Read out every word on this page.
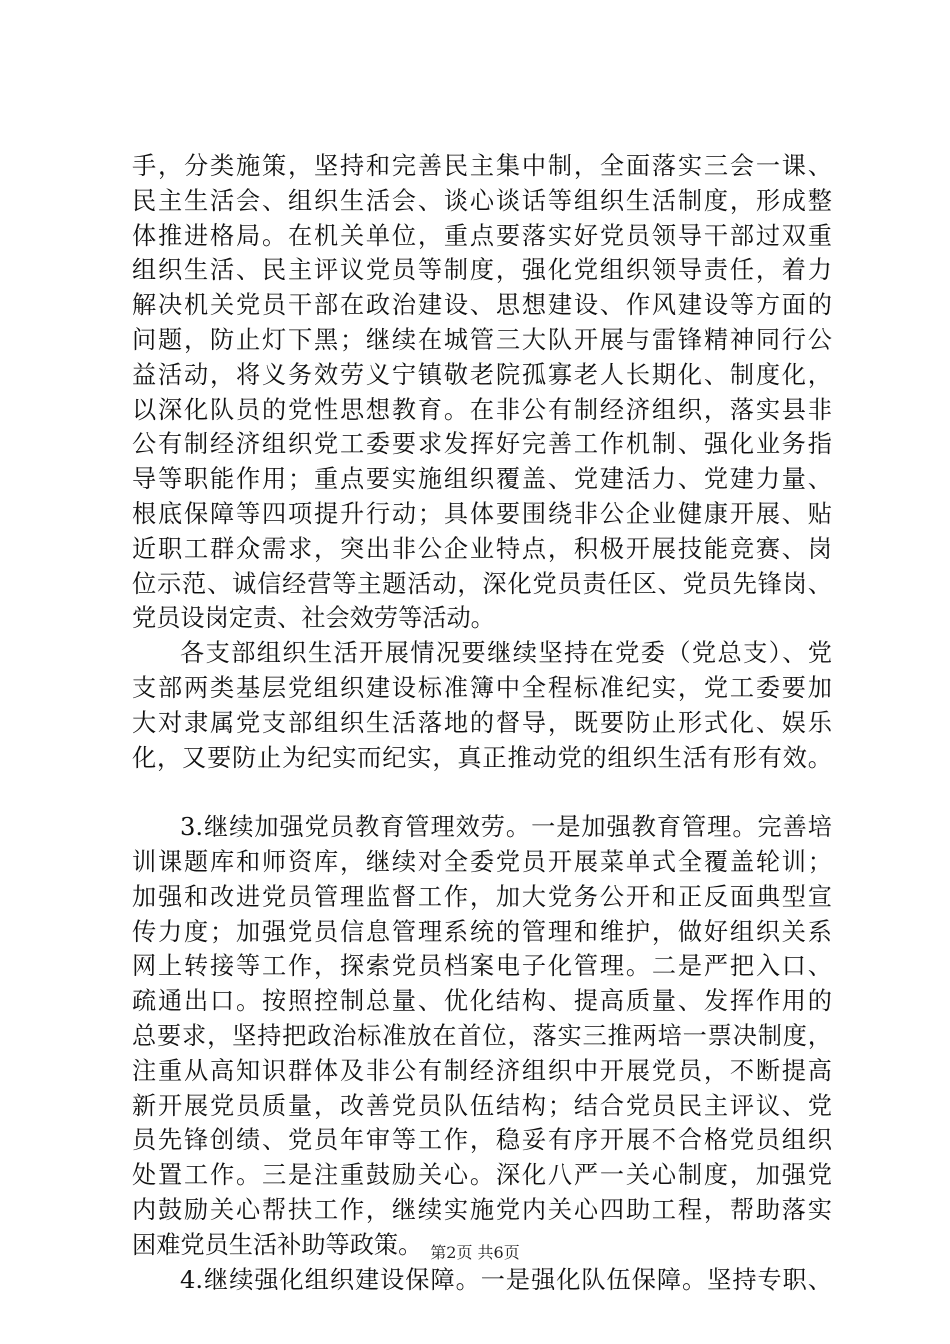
手，分类施策，坚持和完善民主集中制，全面落实三会一课、
民主生活会、组织生活会、谈心谈话等组织生活制度，形成整
体推进格局。在机关单位，重点要落实好党员领导干部过双重
组织生活、民主评议党员等制度，强化党组织领导责任，着力
解决机关党员干部在政治建设、思想建设、作风建设等方面的
问题，防止灯下黑；继续在城管三大队开展与雷锋精神同行公
益活动，将义务效劳义宁镇敬老院孤寡老人长期化、制度化，
以深化队员的党性思想教育。在非公有制经济组织，落实县非
公有制经济组织党工委要求发挥好完善工作机制、强化业务指
导等职能作用；重点要实施组织覆盖、党建活力、党建力量、
根底保障等四项提升行动；具体要围绕非公企业健康开展、贴
近职工群众需求，突出非公企业特点，积极开展技能竞赛、岗
位示范、诚信经营等主题活动，深化党员责任区、党员先锋岗、
党员设岗定责、社会效劳等活动。
各支部组织生活开展情况要继续坚持在党委（党总支）、党
支部两类基层党组织建设标准簿中全程标准纪实，党工委要加
大对隶属党支部组织生活落地的督导，既要防止形式化、娱乐
化，又要防止为纪实而纪实，真正推动党的组织生活有形有效。
3.继续加强党员教育管理效劳。一是加强教育管理。完善培
训课题库和师资库，继续对全委党员开展菜单式全覆盖轮训；
加强和改进党员管理监督工作，加大党务公开和正反面典型宣
传力度；加强党员信息管理系统的管理和维护，做好组织关系
网上转接等工作，探索党员档案电子化管理。二是严把入口、
疏通出口。按照控制总量、优化结构、提高质量、发挥作用的
总要求，坚持把政治标准放在首位，落实三推两培一票决制度，
注重从高知识群体及非公有制经济组织中开展党员，不断提高
新开展党员质量，改善党员队伍结构；结合党员民主评议、党
员先锋创绩、党员年审等工作，稳妥有序开展不合格党员组织
处置工作。三是注重鼓励关心。深化八严一关心制度，加强党
内鼓励关心帮扶工作，继续实施党内关心四助工程，帮助落实
困难党员生活补助等政策。
4.继续强化组织建设保障。一是强化队伍保障。坚持专职、
第2页 共6页
